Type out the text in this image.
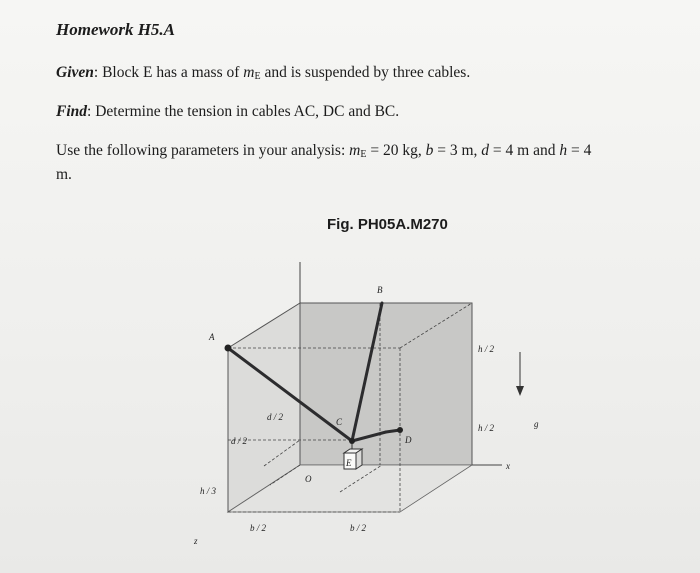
Homework H5.A
Given: Block E has a mass of $m_E$ and is suspended by three cables.
Find: Determine the tension in cables AC, DC and BC.
Use the following parameters in your analysis: $m_E = 20$ kg, b = 3 m, d = 4 m and h = 4
m.
Fig. PH05A.M270
A
B
C
D
E
O
x
z
g
d / 2
d / 2
h / 2
h / 2
h / 3
b / 2	b / 2
